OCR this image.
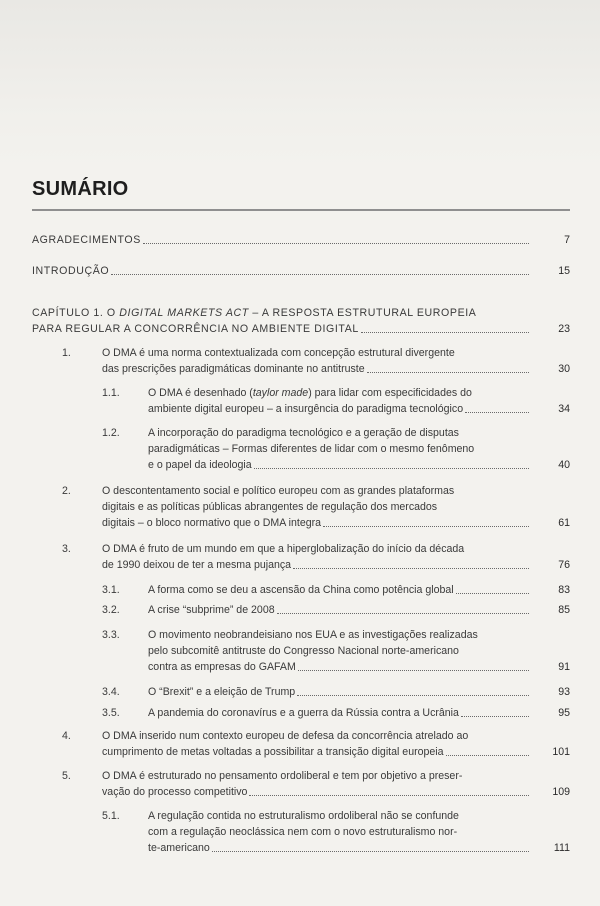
SUMÁRIO
AGRADECIMENTOS	7
INTRODUÇÃO	15
CAPÍTULO 1. O DIGITAL MARKETS ACT – A RESPOSTA ESTRUTURAL EUROPEIA
PARA REGULAR A CONCORRÊNCIA NO AMBIENTE DIGITAL	23
1.	O DMA é uma norma contextualizada com concepção estrutural divergente
das prescrições paradigmáticas dominante no antitruste	30
1.1.	O DMA é desenhado (taylor made) para lidar com especificidades do
ambiente digital europeu – a insurgência do paradigma tecnológico	34
1.2.	A incorporação do paradigma tecnológico e a geração de disputas
paradigmáticas – Formas diferentes de lidar com o mesmo fenômeno
e o papel da ideologia	40
2.	O descontentamento social e político europeu com as grandes plataformas
digitais e as políticas públicas abrangentes de regulação dos mercados
digitais – o bloco normativo que o DMA integra	61
3.	O DMA é fruto de um mundo em que a hiperglobalização do início da década
de 1990 deixou de ter a mesma pujança	76
3.1.	A forma como se deu a ascensão da China como potência global	83
3.2.	A crise “subprime” de 2008	85
3.3.	O movimento neobrandeisiano nos EUA e as investigações realizadas
pelo subcomitê antitruste do Congresso Nacional norte-americano
contra as empresas do GAFAM	91
3.4.	O “Brexit” e a eleição de Trump	93
3.5.	A pandemia do coronavírus e a guerra da Rússia contra a Ucrânia	95
4.	O DMA inserido num contexto europeu de defesa da concorrência atrelado ao
cumprimento de metas voltadas a possibilitar a transição digital europeia	101
5.	O DMA é estruturado no pensamento ordoliberal e tem por objetivo a preser-
vação do processo competitivo	109
5.1.	A regulação contida no estruturalismo ordoliberal não se confunde
com a regulação neoclássica nem com o novo estruturalismo nor-
te-americano	111
